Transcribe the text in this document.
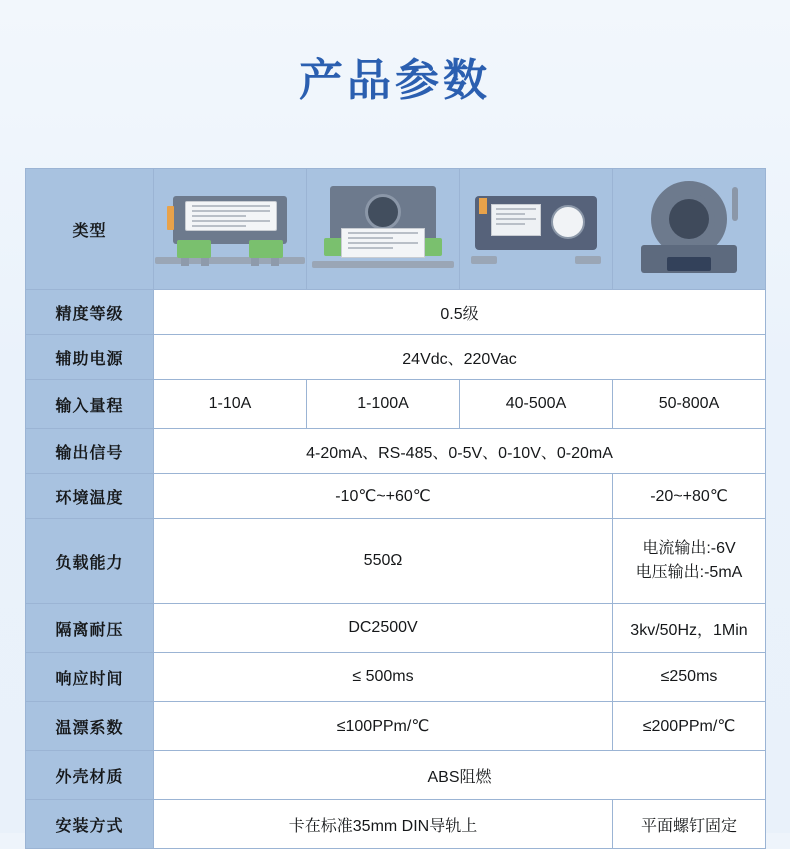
产品参数
类型	

精度等级	0.5级			
辅助电源	24Vdc、220Vac			
输入量程	1-10A	1-100A	40-500A	50-800A
输出信号	4-20mA、RS-485、0-5V、0-10V、0-20mA			
环境温度	-10℃~+60℃			-20~+80℃
负载能力	550Ω			电流输出:-6V
电压输出:-5mA

隔离耐压	DC2500V			3kv/50Hz，1Min
响应时间	≤ 500ms			≤250ms
温漂系数	≤100PPm/℃			≤200PPm/℃
外壳材质	ABS阻燃			
安装方式	卡在标准35mm DIN导轨上			平面螺钉固定
